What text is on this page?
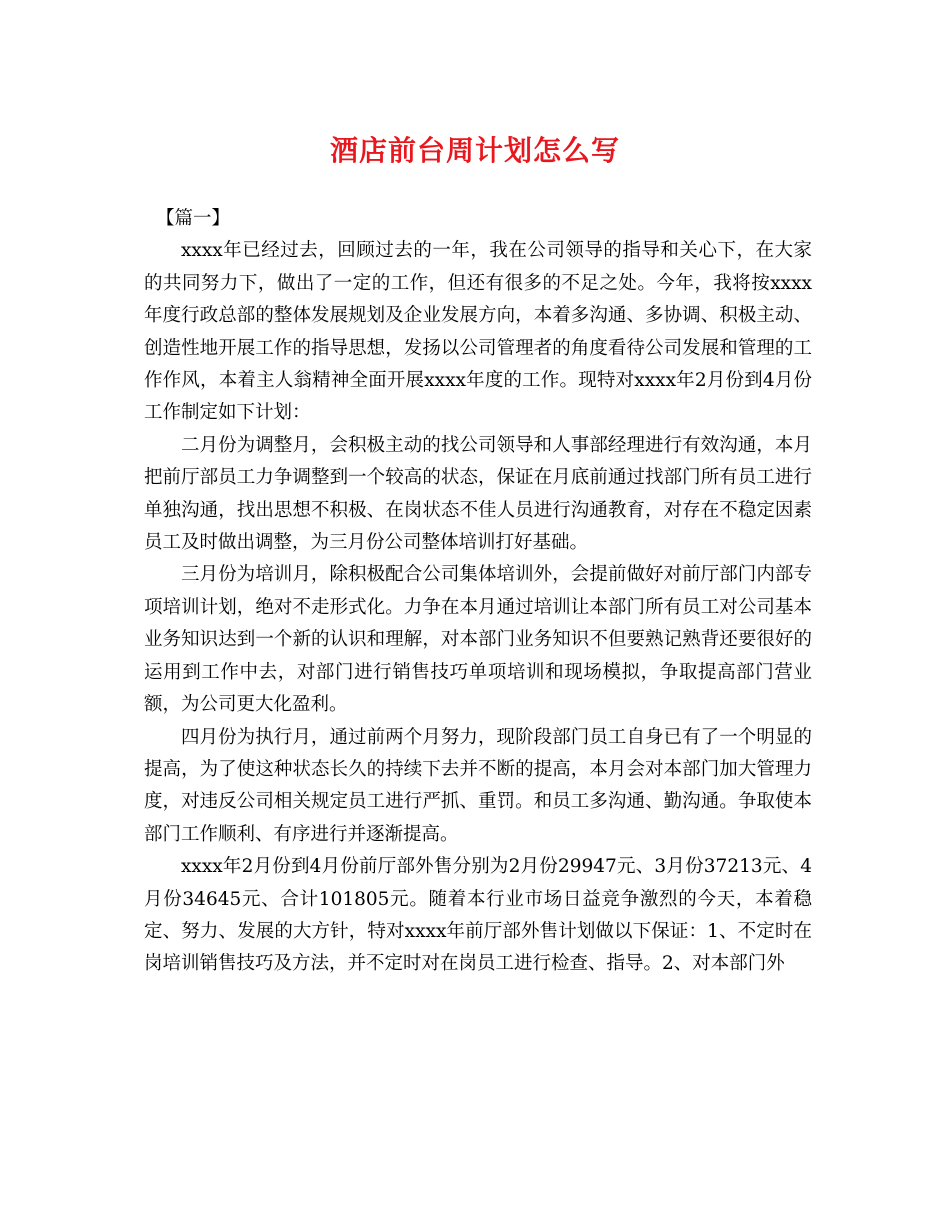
酒店前台周计划怎么写

【篇一】

xxxx年已经过去，回顾过去的一年，我在公司领导的指导和关心下，在大家的共同努力下，做出了一定的工作，但还有很多的不足之处。今年，我将按xxxx年度行政总部的整体发展规划及企业发展方向，本着多沟通、多协调、积极主动、创造性地开展工作的指导思想，发扬以公司管理者的角度看待公司发展和管理的工作作风，本着主人翁精神全面开展xxxx年度的工作。现特对xxxx年2月份到4月份工作制定如下计划：

二月份为调整月，会积极主动的找公司领导和人事部经理进行有效沟通，本月把前厅部员工力争调整到一个较高的状态，保证在月底前通过找部门所有员工进行单独沟通，找出思想不积极、在岗状态不佳人员进行沟通教育，对存在不稳定因素员工及时做出调整，为三月份公司整体培训打好基础。

三月份为培训月，除积极配合公司集体培训外，会提前做好对前厅部门内部专项培训计划，绝对不走形式化。力争在本月通过培训让本部门所有员工对公司基本业务知识达到一个新的认识和理解，对本部门业务知识不但要熟记熟背还要很好的运用到工作中去，对部门进行销售技巧单项培训和现场模拟，争取提高部门营业额，为公司更大化盈利。

四月份为执行月，通过前两个月努力，现阶段部门员工自身已有了一个明显的提高，为了使这种状态长久的持续下去并不断的提高，本月会对本部门加大管理力度，对违反公司相关规定员工进行严抓、重罚。和员工多沟通、勤沟通。争取使本部门工作顺利、有序进行并逐渐提高。

xxxx年2月份到4月份前厅部外售分别为2月份29947元、3月份37213元、4月份34645元、合计101805元。随着本行业市场日益竞争激烈的今天，本着稳定、努力、发展的大方针，特对xxxx年前厅部外售计划做以下保证：1、不定时在岗培训销售技巧及方法，并不定时对在岗员工进行检查、指导。2、对本部门外
